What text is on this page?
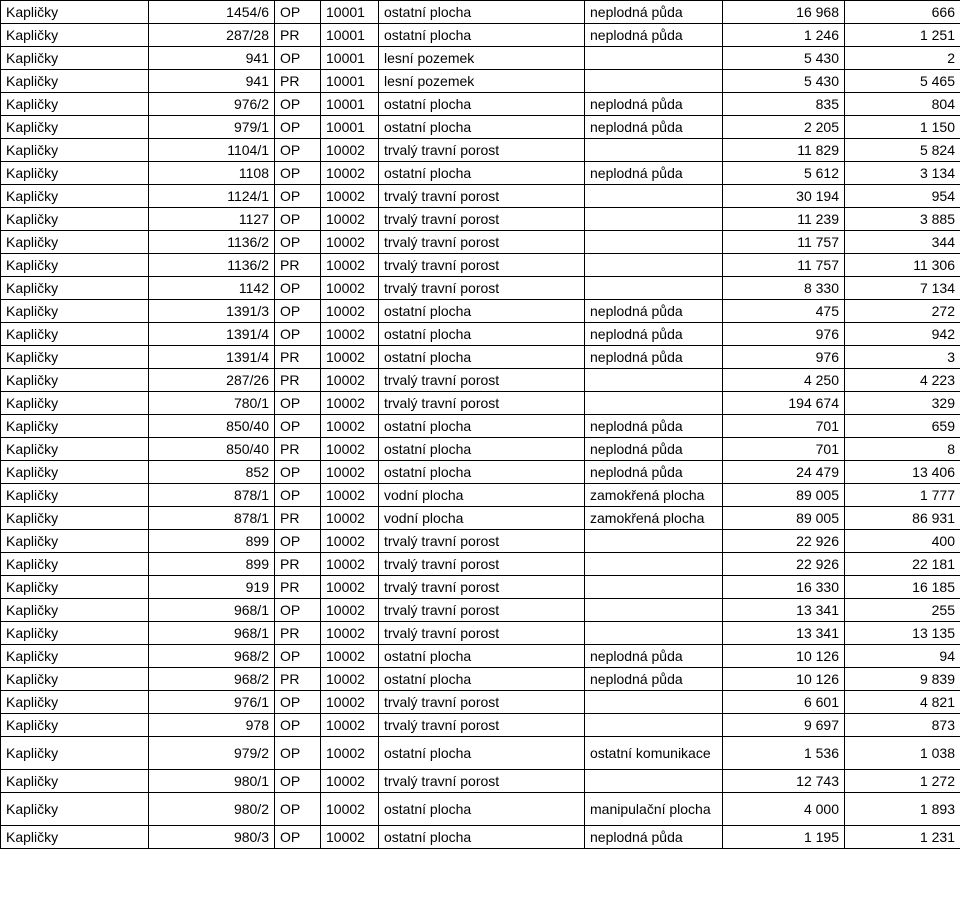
Kapličky	1454/6	OP	10001	ostatní plocha	neplodná půda	16 968	666
Kapličky	287/28	PR	10001	ostatní plocha	neplodná půda	1 246	1 251
Kapličky	941	OP	10001	lesní pozemek		5 430	2
Kapličky	941	PR	10001	lesní pozemek		5 430	5 465
Kapličky	976/2	OP	10001	ostatní plocha	neplodná půda	835	804
Kapličky	979/1	OP	10001	ostatní plocha	neplodná půda	2 205	1 150
Kapličky	1104/1	OP	10002	trvalý travní porost		11 829	5 824
Kapličky	1108	OP	10002	ostatní plocha	neplodná půda	5 612	3 134
Kapličky	1124/1	OP	10002	trvalý travní porost		30 194	954
Kapličky	1127	OP	10002	trvalý travní porost		11 239	3 885
Kapličky	1136/2	OP	10002	trvalý travní porost		11 757	344
Kapličky	1136/2	PR	10002	trvalý travní porost		11 757	11 306
Kapličky	1142	OP	10002	trvalý travní porost		8 330	7 134
Kapličky	1391/3	OP	10002	ostatní plocha	neplodná půda	475	272
Kapličky	1391/4	OP	10002	ostatní plocha	neplodná půda	976	942
Kapličky	1391/4	PR	10002	ostatní plocha	neplodná půda	976	3
Kapličky	287/26	PR	10002	trvalý travní porost		4 250	4 223
Kapličky	780/1	OP	10002	trvalý travní porost		194 674	329
Kapličky	850/40	OP	10002	ostatní plocha	neplodná půda	701	659
Kapličky	850/40	PR	10002	ostatní plocha	neplodná půda	701	8
Kapličky	852	OP	10002	ostatní plocha	neplodná půda	24 479	13 406
Kapličky	878/1	OP	10002	vodní plocha	zamokřená plocha	89 005	1 777
Kapličky	878/1	PR	10002	vodní plocha	zamokřená plocha	89 005	86 931
Kapličky	899	OP	10002	trvalý travní porost		22 926	400
Kapličky	899	PR	10002	trvalý travní porost		22 926	22 181
Kapličky	919	PR	10002	trvalý travní porost		16 330	16 185
Kapličky	968/1	OP	10002	trvalý travní porost		13 341	255
Kapličky	968/1	PR	10002	trvalý travní porost		13 341	13 135
Kapličky	968/2	OP	10002	ostatní plocha	neplodná půda	10 126	94
Kapličky	968/2	PR	10002	ostatní plocha	neplodná půda	10 126	9 839
Kapličky	976/1	OP	10002	trvalý travní porost		6 601	4 821
Kapličky	978	OP	10002	trvalý travní porost		9 697	873
Kapličky	979/2	OP	10002	ostatní plocha	ostatní komunikace	1 536	1 038
Kapličky	980/1	OP	10002	trvalý travní porost		12 743	1 272
Kapličky	980/2	OP	10002	ostatní plocha	manipulační plocha	4 000	1 893
Kapličky	980/3	OP	10002	ostatní plocha	neplodná půda	1 195	1 231
